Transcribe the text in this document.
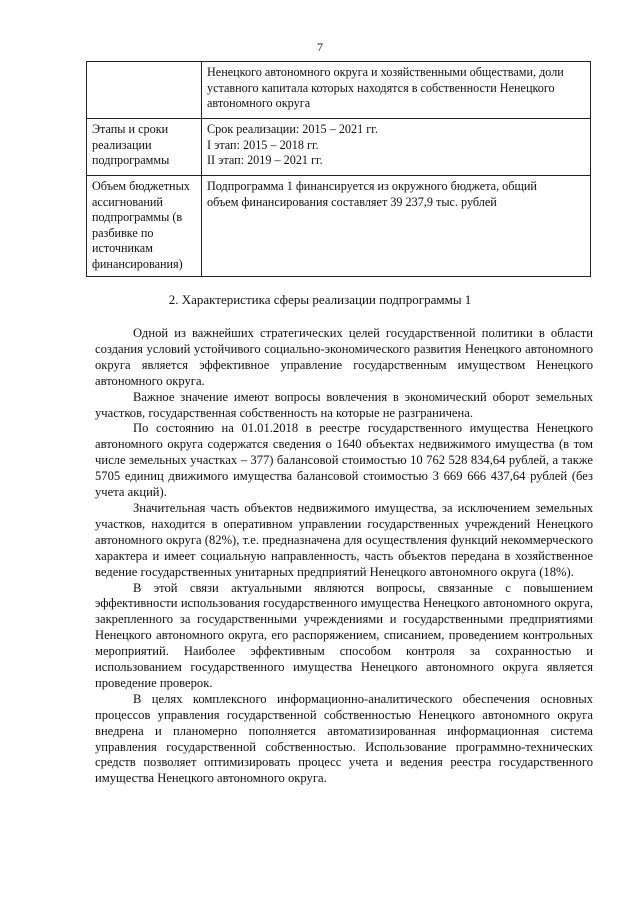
7

	Ненецкого автономного округа и хозяйственными обществами, доли
уставного капитала которых находятся в собственности Ненецкого
автономного округа

Этапы и сроки реализации подпрограммы	Срок реализации: 2015 – 2021 гг.
I этап: 2015 – 2018 гг.
II этап: 2019 – 2021 гг.

Объем бюджетных ассигнований подпрограммы (в разбивке по источникам финансирования)	Подпрограмма 1 финансируется из окружного бюджета, общий
объем финансирования составляет 39 237,9 тыс. рублей
2. Характеристика сферы реализации подпрограммы 1

Одной из важнейших стратегических целей государственной политики в области создания условий устойчивого социально-экономического развития Ненецкого автономного округа является эффективное управление государственным имуществом Ненецкого автономного округа.

Важное значение имеют вопросы вовлечения в экономический оборот земельных участков, государственная собственность на которые не разграничена.

По состоянию на 01.01.2018 в реестре государственного имущества Ненецкого автономного округа содержатся сведения о 1640 объектах недвижимого имущества (в том числе земельных участках – 377) балансовой стоимостью 10 762 528 834,64 рублей, а также 5705 единиц движимого имущества балансовой стоимостью 3 669 666 437,64 рублей (без учета акций).

Значительная часть объектов недвижимого имущества, за исключением земельных участков, находится в оперативном управлении государственных учреждений Ненецкого автономного округа (82%), т.е. предназначена для осуществления функций некоммерческого характера и имеет социальную направленность, часть объектов передана в хозяйственное ведение государственных унитарных предприятий Ненецкого автономного округа (18%).

В этой связи актуальными являются вопросы, связанные с повышением эффективности использования государственного имущества Ненецкого автономного округа, закрепленного за государственными учреждениями и государственными предприятиями Ненецкого автономного округа, его распоряжением, списанием, проведением контрольных мероприятий. Наиболее эффективным способом контроля за сохранностью и использованием государственного имущества Ненецкого автономного округа является проведение проверок.

В целях комплексного информационно-аналитического обеспечения основных процессов управления государственной собственностью Ненецкого автономного округа внедрена и планомерно пополняется автоматизированная информационная система управления государственной собственностью. Использование программно-технических средств позволяет оптимизировать процесс учета и ведения реестра государственного имущества Ненецкого автономного округа.
